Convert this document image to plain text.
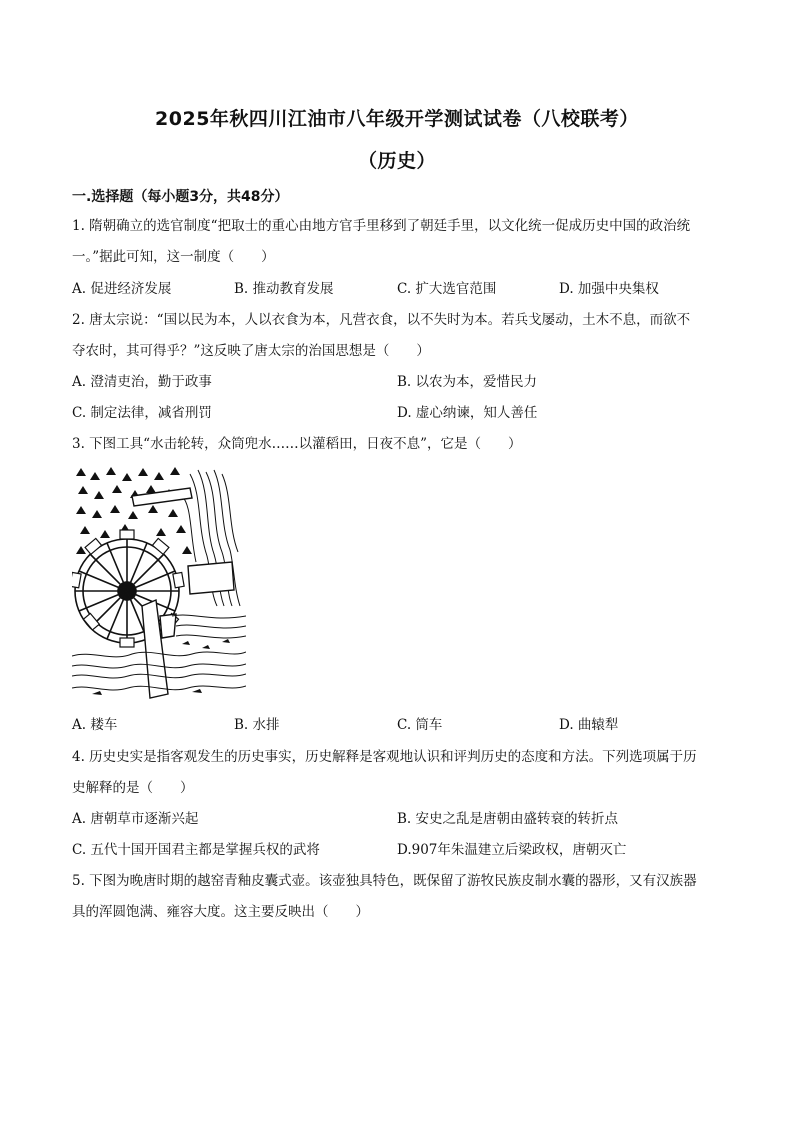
2025年秋四川江油市八年级开学测试试卷（八校联考）
（历史）
一.选择题（每小题3分，共48分）
1. 隋朝确立的选官制度“把取士的重心由地方官手里移到了朝廷手里，以文化统一促成历史中国的政治统
一。”据此可知，这一制度（　　）
A. 促进经济发展	B. 推动教育发展	C. 扩大选官范围	D. 加强中央集权
2. 唐太宗说：“国以民为本，人以衣食为本，凡营衣食，以不失时为本。若兵戈屡动，土木不息，而欲不
夺农时，其可得乎？”这反映了唐太宗的治国思想是（　　）
A. 澄清吏治，勤于政事	B. 以农为本，爱惜民力
C. 制定法律，减省刑罚	D. 虚心纳谏，知人善任
3. 下图工具“水击轮转，众筒兜水……以灌稻田，日夜不息”，它是（　　）
A. 耧车	B. 水排	C. 筒车	D. 曲辕犁
4. 历史史实是指客观发生的历史事实，历史解释是客观地认识和评判历史的态度和方法。下列选项属于历
史解释的是（　　）
A. 唐朝草市逐渐兴起	B. 安史之乱是唐朝由盛转衰的转折点
C. 五代十国开国君主都是掌握兵权的武将	D.907年朱温建立后梁政权，唐朝灭亡
5. 下图为晚唐时期的越窑青釉皮囊式壶。该壶独具特色，既保留了游牧民族皮制水囊的器形，又有汉族器
具的浑圆饱满、雍容大度。这主要反映出（　　）
